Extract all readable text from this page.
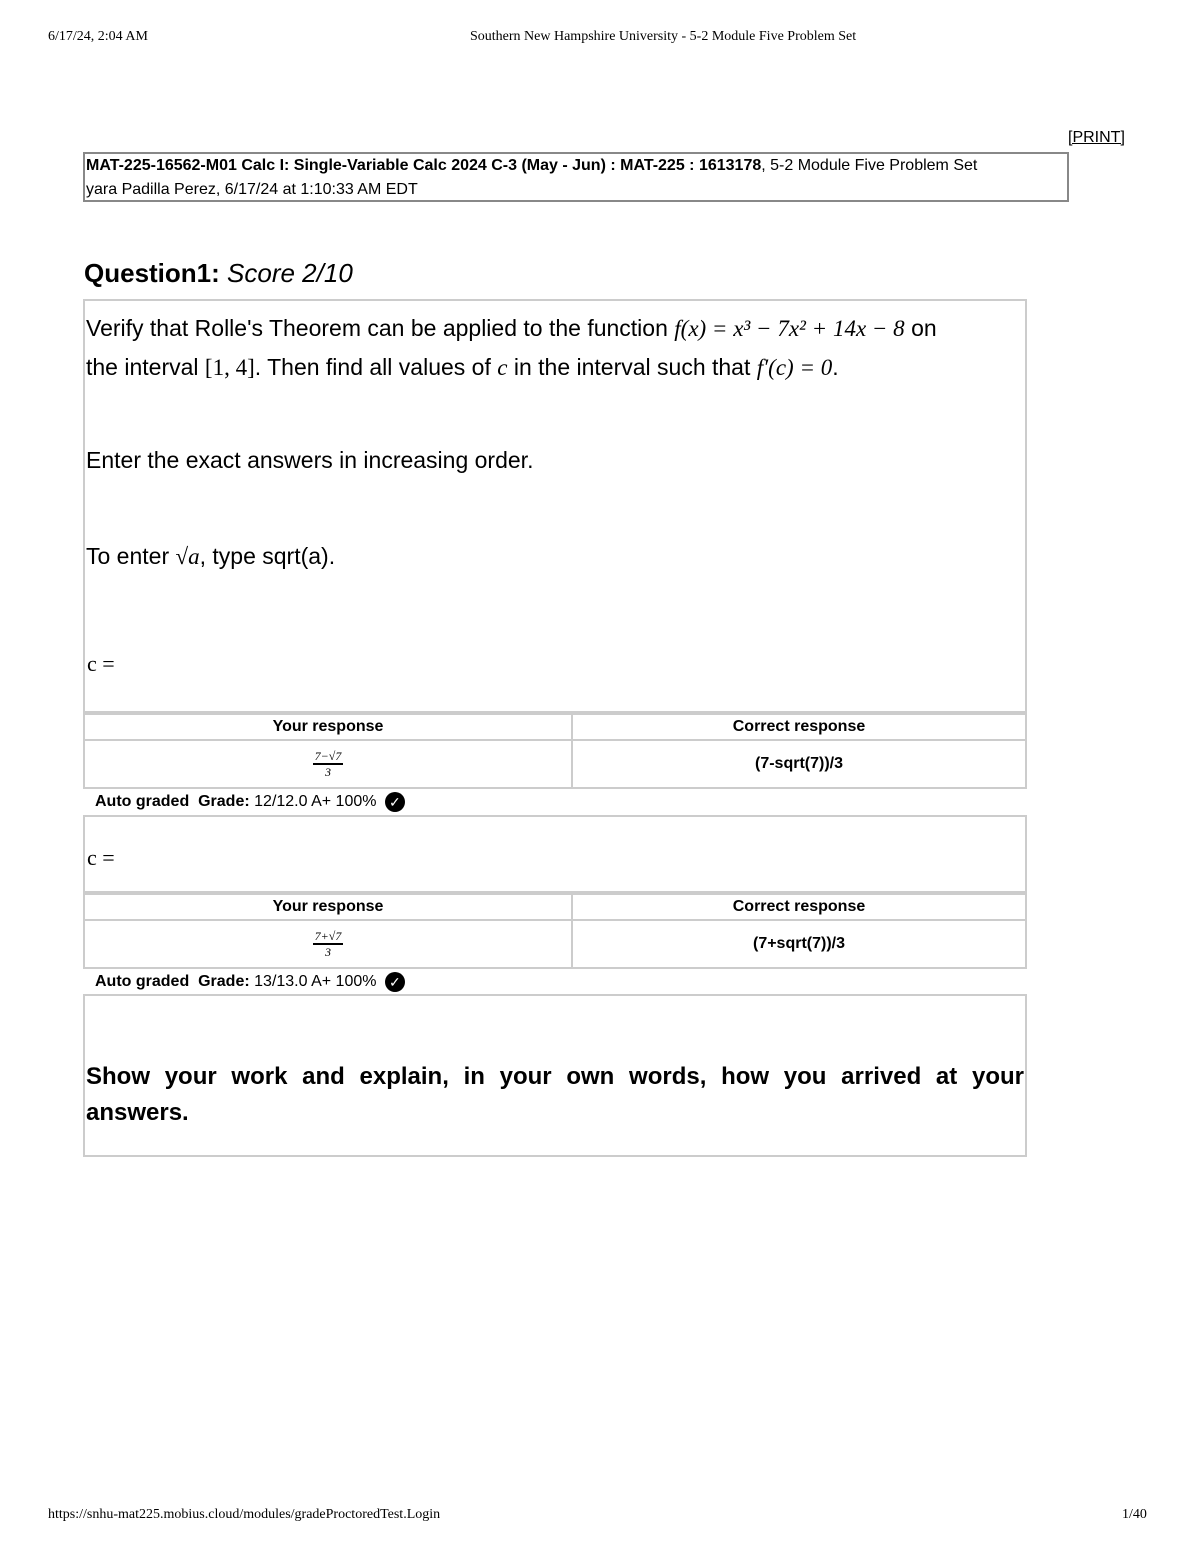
6/17/24, 2:04 AM	Southern New Hampshire University - 5-2 Module Five Problem Set
[PRINT]
MAT-225-16562-M01 Calc I: Single-Variable Calc 2024 C-3 (May - Jun) : MAT-225 : 1613178, 5-2 Module Five Problem Set
yara Padilla Perez, 6/17/24 at 1:10:33 AM EDT
Question1: Score 2/10
Verify that Rolle's Theorem can be applied to the function f(x) = x³ − 7x² + 14x − 8 on
the interval [1, 4]. Then find all values of c in the interval such that f′(c) = 0.
Enter the exact answers in increasing order.
To enter √a, type sqrt(a).
c =
Your response	Correct response

$\frac{7-√7}{3}$	(7-sqrt(7))/3
Auto graded Grade: 12/12.0 A+ 100% ✓
c =
Your response	Correct response

$\frac{7+√7}{3}$	(7+sqrt(7))/3
Auto graded Grade: 13/13.0 A+ 100% ✓
Show your work and explain, in your own words, how you arrived at your answers.
https://snhu-mat225.mobius.cloud/modules/gradeProctoredTest.Login	1/40
